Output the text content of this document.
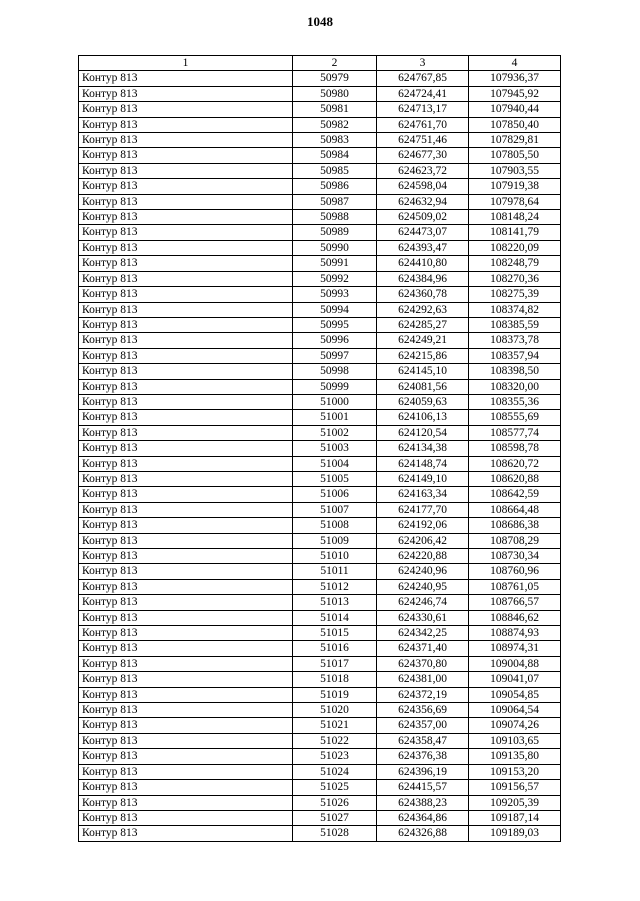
1048
1	2	3	4
Контур 813	50979	624767,85	107936,37
Контур 813	50980	624724,41	107945,92
Контур 813	50981	624713,17	107940,44
Контур 813	50982	624761,70	107850,40
Контур 813	50983	624751,46	107829,81
Контур 813	50984	624677,30	107805,50
Контур 813	50985	624623,72	107903,55
Контур 813	50986	624598,04	107919,38
Контур 813	50987	624632,94	107978,64
Контур 813	50988	624509,02	108148,24
Контур 813	50989	624473,07	108141,79
Контур 813	50990	624393,47	108220,09
Контур 813	50991	624410,80	108248,79
Контур 813	50992	624384,96	108270,36
Контур 813	50993	624360,78	108275,39
Контур 813	50994	624292,63	108374,82
Контур 813	50995	624285,27	108385,59
Контур 813	50996	624249,21	108373,78
Контур 813	50997	624215,86	108357,94
Контур 813	50998	624145,10	108398,50
Контур 813	50999	624081,56	108320,00
Контур 813	51000	624059,63	108355,36
Контур 813	51001	624106,13	108555,69
Контур 813	51002	624120,54	108577,74
Контур 813	51003	624134,38	108598,78
Контур 813	51004	624148,74	108620,72
Контур 813	51005	624149,10	108620,88
Контур 813	51006	624163,34	108642,59
Контур 813	51007	624177,70	108664,48
Контур 813	51008	624192,06	108686,38
Контур 813	51009	624206,42	108708,29
Контур 813	51010	624220,88	108730,34
Контур 813	51011	624240,96	108760,96
Контур 813	51012	624240,95	108761,05
Контур 813	51013	624246,74	108766,57
Контур 813	51014	624330,61	108846,62
Контур 813	51015	624342,25	108874,93
Контур 813	51016	624371,40	108974,31
Контур 813	51017	624370,80	109004,88
Контур 813	51018	624381,00	109041,07
Контур 813	51019	624372,19	109054,85
Контур 813	51020	624356,69	109064,54
Контур 813	51021	624357,00	109074,26
Контур 813	51022	624358,47	109103,65
Контур 813	51023	624376,38	109135,80
Контур 813	51024	624396,19	109153,20
Контур 813	51025	624415,57	109156,57
Контур 813	51026	624388,23	109205,39
Контур 813	51027	624364,86	109187,14
Контур 813	51028	624326,88	109189,03
